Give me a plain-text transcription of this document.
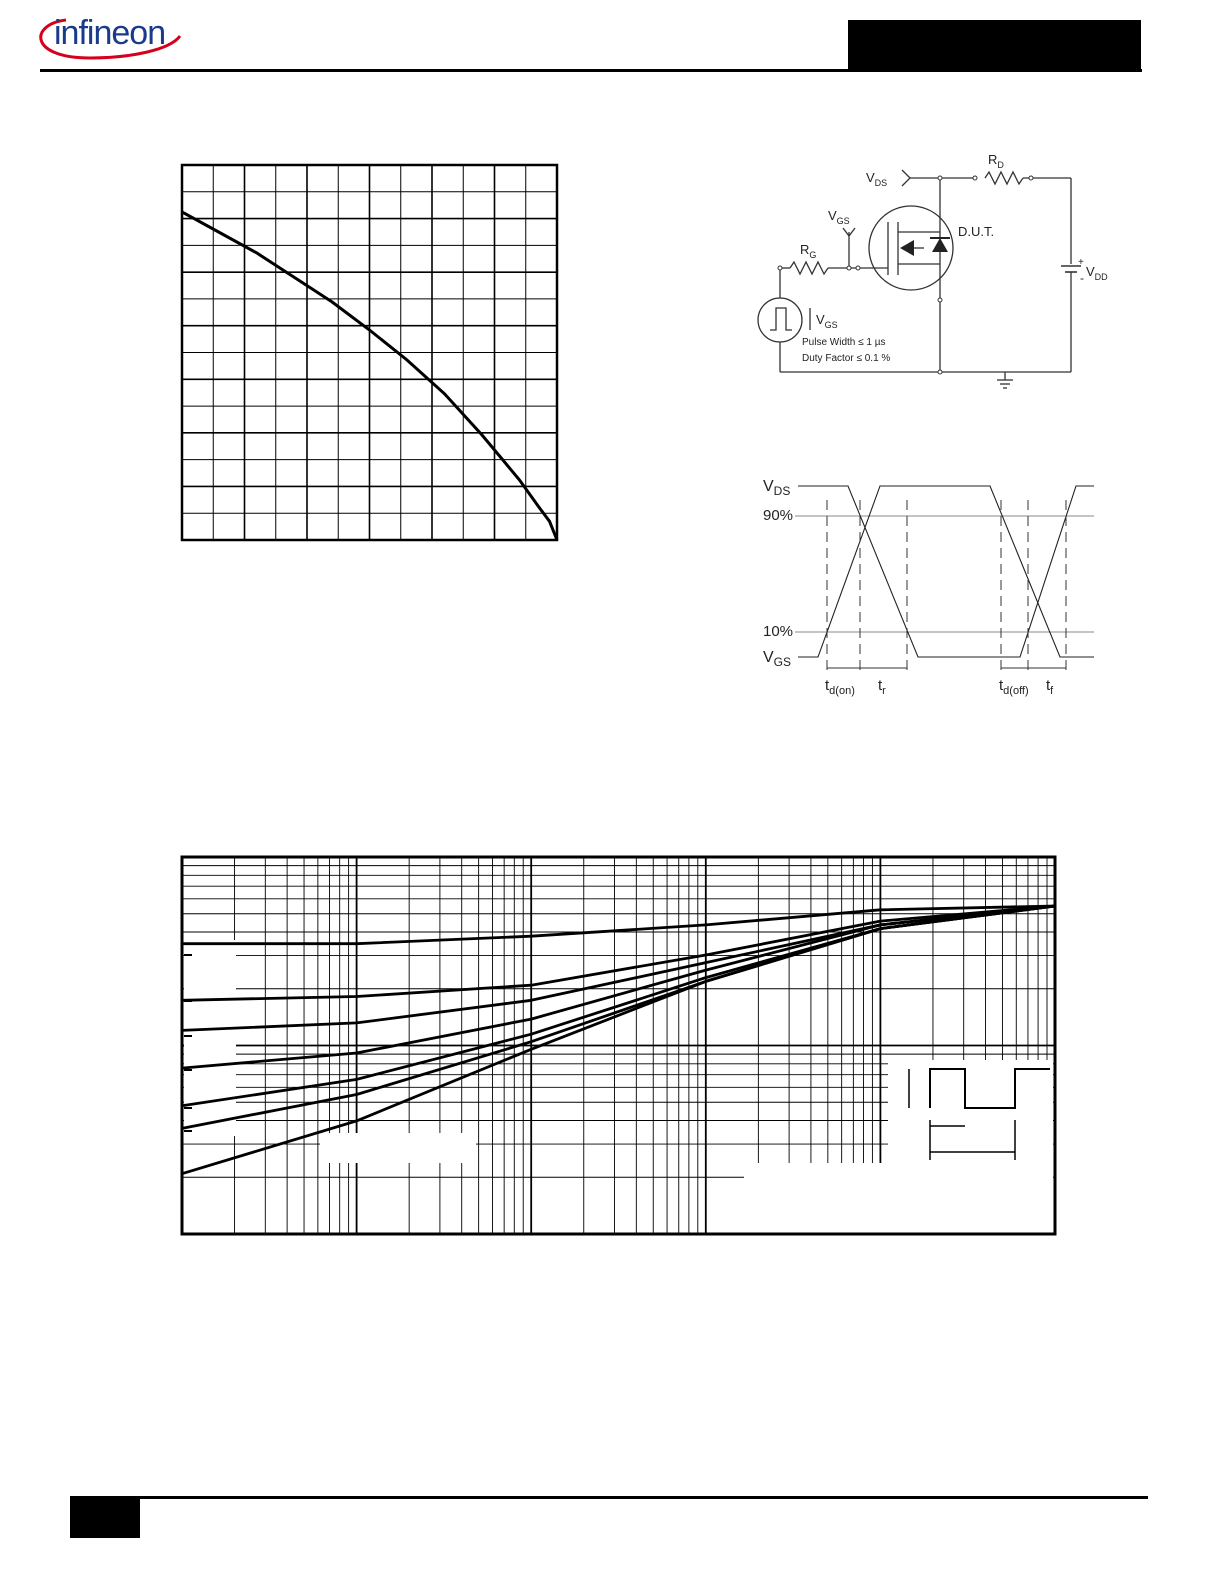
infineon
$V_{DS}$
$R_D$
$V_{GS}$
$R_G$
D.U.T.
$V_{DD}$
+
-
$V_{GS}$
Pulse Width ≤ 1 µs
Duty Factor ≤ 0.1 %
$V_{DS}$
90%
10%
$V_{GS}$
$t_{d(on)}$ $t_r$	$t_{d(off)}$ $t_f$
